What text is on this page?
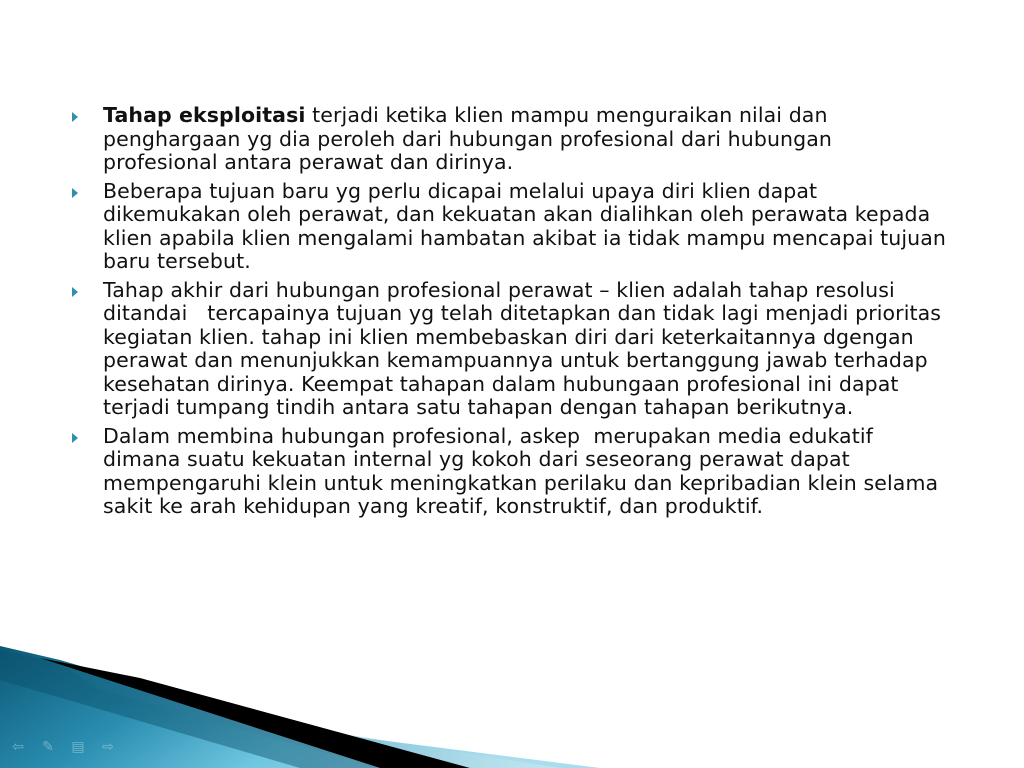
Tahap eksploitasi terjadi ketika klien mampu menguraikan nilai dan penghargaan yg dia peroleh dari hubungan profesional dari hubungan profesional antara perawat dan dirinya.
Beberapa tujuan baru yg perlu dicapai melalui upaya diri klien dapat dikemukakan oleh perawat, dan kekuatan akan dialihkan oleh perawata kepada klien apabila klien mengalami hambatan akibat ia tidak mampu mencapai tujuan baru tersebut.
Tahap akhir dari hubungan profesional perawat – klien adalah tahap resolusi ditandai   tercapainya tujuan yg telah ditetapkan dan tidak lagi menjadi prioritas kegiatan klien. tahap ini klien membebaskan diri dari keterkaitannya dgengan perawat dan menunjukkan kemampuannya untuk bertanggung jawab terhadap kesehatan dirinya. Keempat tahapan dalam hubungaan profesional ini dapat terjadi tumpang tindih antara satu tahapan dengan tahapan berikutnya.
Dalam membina hubungan profesional, askep  merupakan media edukatif dimana suatu kekuatan internal yg kokoh dari seseorang perawat dapat mempengaruhi klein untuk meningkatkan perilaku dan kepribadian klein selama sakit ke arah kehidupan yang kreatif, konstruktif, dan produktif.
⇦ ✎ ▤ ⇨
